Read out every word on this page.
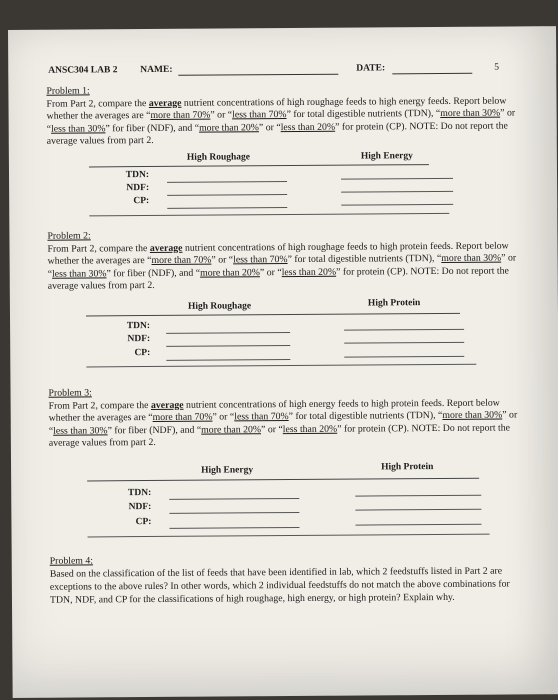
ANSC304 LAB 2 NAME:	DATE:	5
Problem 1:
From Part 2, compare the average nutrient concentrations of high roughage feeds to high energy feeds. Report below whether the averages are “more than 70%” or “less than 70%” for total digestible nutrients (TDN), “more than 30%” or “less than 30%” for fiber (NDF), and “more than 20%” or “less than 20%” for protein (CP). NOTE: Do not report the average values from part 2.
High Roughage	High Energy
TDN:
NDF:
CP:
Problem 2:
From Part 2, compare the average nutrient concentrations of high roughage feeds to high protein feeds. Report below whether the averages are “more than 70%” or “less than 70%” for total digestible nutrients (TDN), “more than 30%” or “less than 30%” for fiber (NDF), and “more than 20%” or “less than 20%” for protein (CP). NOTE: Do not report the average values from part 2.
High Roughage	High Protein
TDN:
NDF:
CP:
Problem 3:
From Part 2, compare the average nutrient concentrations of high energy feeds to high protein feeds. Report below whether the averages are “more than 70%” or “less than 70%” for total digestible nutrients (TDN), “more than 30%” or “less than 30%” for fiber (NDF), and “more than 20%” or “less than 20%” for protein (CP). NOTE: Do not report the average values from part 2.
High Energy	High Protein
TDN:
NDF:
CP:
Problem 4:
Based on the classification of the list of feeds that have been identified in lab, which 2 feedstuffs listed in Part 2 are exceptions to the above rules? In other words, which 2 individual feedstuffs do not match the above combinations for TDN, NDF, and CP for the classifications of high roughage, high energy, or high protein? Explain why.
